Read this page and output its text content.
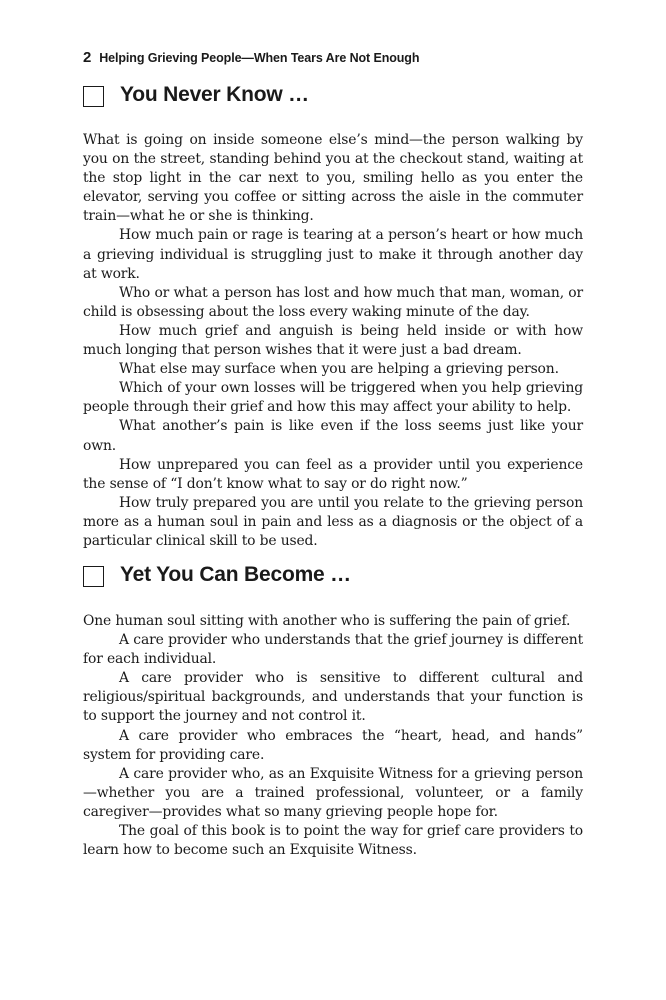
2 Helping Grieving People—When Tears Are Not Enough
You Never Know …

What is going on inside someone else’s mind—the person walking by you on the street, standing behind you at the checkout stand, waiting at the stop light in the car next to you, smiling hello as you enter the elevator, serving you coffee or sitting across the aisle in the commuter train—what he or she is thinking.

How much pain or rage is tearing at a person’s heart or how much a grieving individual is struggling just to make it through another day at work.

Who or what a person has lost and how much that man, woman, or child is obsessing about the loss every waking minute of the day.

How much grief and anguish is being held inside or with how much longing that person wishes that it were just a bad dream.

What else may surface when you are helping a grieving person.

Which of your own losses will be triggered when you help grieving people through their grief and how this may affect your ability to help.

What another’s pain is like even if the loss seems just like your own.

How unprepared you can feel as a provider until you experience the sense of “I don’t know what to say or do right now.”

How truly prepared you are until you relate to the grieving person more as a human soul in pain and less as a diagnosis or the object of a particular clinical skill to be used.

Yet You Can Become …

One human soul sitting with another who is suffering the pain of grief.

A care provider who understands that the grief journey is different for each individual.

A care provider who is sensitive to different cultural and religious/spiritual backgrounds, and understands that your function is to support the journey and not control it.

A care provider who embraces the “heart, head, and hands” system for providing care.

A care provider who, as an Exquisite Witness for a grieving person—whether you are a trained professional, volunteer, or a family caregiver—provides what so many grieving people hope for.

The goal of this book is to point the way for grief care providers to learn how to become such an Exquisite Witness.
